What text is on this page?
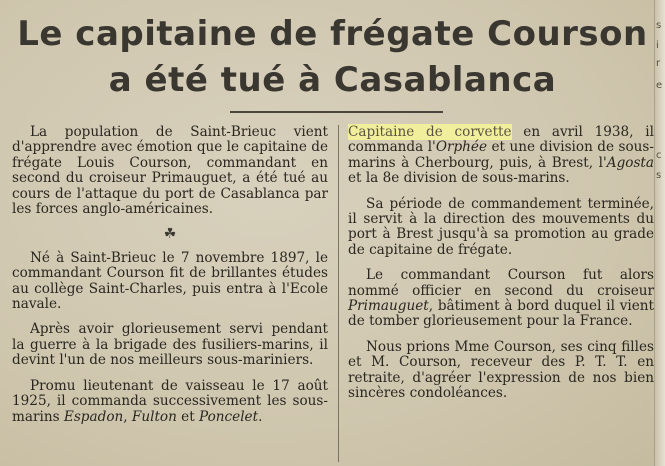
Le capitaine de frégate Courson
a été tué à Casablanca

La population de Saint-Brieuc vient d'apprendre avec émotion que le capitaine de frégate Louis Courson, commandant en second du croiseur Primauguet, a été tué au cours de l'attaque du port de Casablanca par les forces anglo-américaines.

☘

Né à Saint-Brieuc le 7 novembre 1897, le commandant Courson fit de brillantes études au collège Saint-Charles, puis entra à l'Ecole navale.

Après avoir glorieusement servi pendant la guerre à la brigade des fusiliers-marins, il devint l'un de nos meilleurs sous-mariniers.

Promu lieutenant de vaisseau le 17 août 1925, il commanda successivement les sous-marins Espadon, Fulton et Poncelet.

Capitaine de corvette en avril 1938, il commanda l'Orphée et une division de sous-marins à Cherbourg, puis, à Brest, l'Agosta et la 8e division de sous-marins.

Sa période de commandement terminée, il servit à la direction des mouvements du port à Brest jusqu'à sa promotion au grade de capitaine de frégate.

Le commandant Courson fut alors nommé officier en second du croiseur Primauguet, bâtiment à bord duquel il vient de tomber glorieusement pour la France.

Nous prions Mme Courson, ses cinq filles et M. Courson, receveur des P. T. T. en retraite, d'agréer l'expression de nos bien sincères condoléances.

s
i
r
e
c
s
